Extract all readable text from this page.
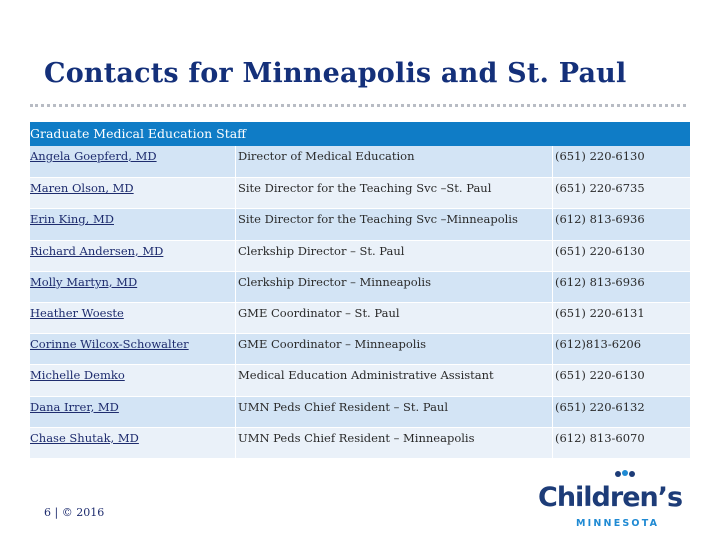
Contacts for Minneapolis and St. Paul
Graduate Medical Education Staff
Angela Goepferd, MD	Director of Medical Education	(651) 220-6130
Maren Olson, MD	Site Director for the Teaching Svc –St. Paul	(651) 220-6735
Erin King, MD	Site Director for the Teaching Svc –Minneapolis	(612) 813-6936
Richard Andersen, MD	Clerkship Director – St. Paul	(651) 220-6130
Molly Martyn, MD	Clerkship Director – Minneapolis	(612) 813-6936
Heather Woeste	GME Coordinator – St. Paul	(651) 220-6131
Corinne Wilcox-Schowalter	GME Coordinator – Minneapolis	(612)813-6206
Michelle Demko	Medical Education Administrative Assistant	(651) 220-6130
Dana Irrer, MD	UMN Peds Chief Resident – St. Paul	(651) 220-6132
Chase Shutak, MD	UMN Peds Chief Resident – Minneapolis	(612) 813-6070
6 | © 2016	Children’s
MINNESOTA
